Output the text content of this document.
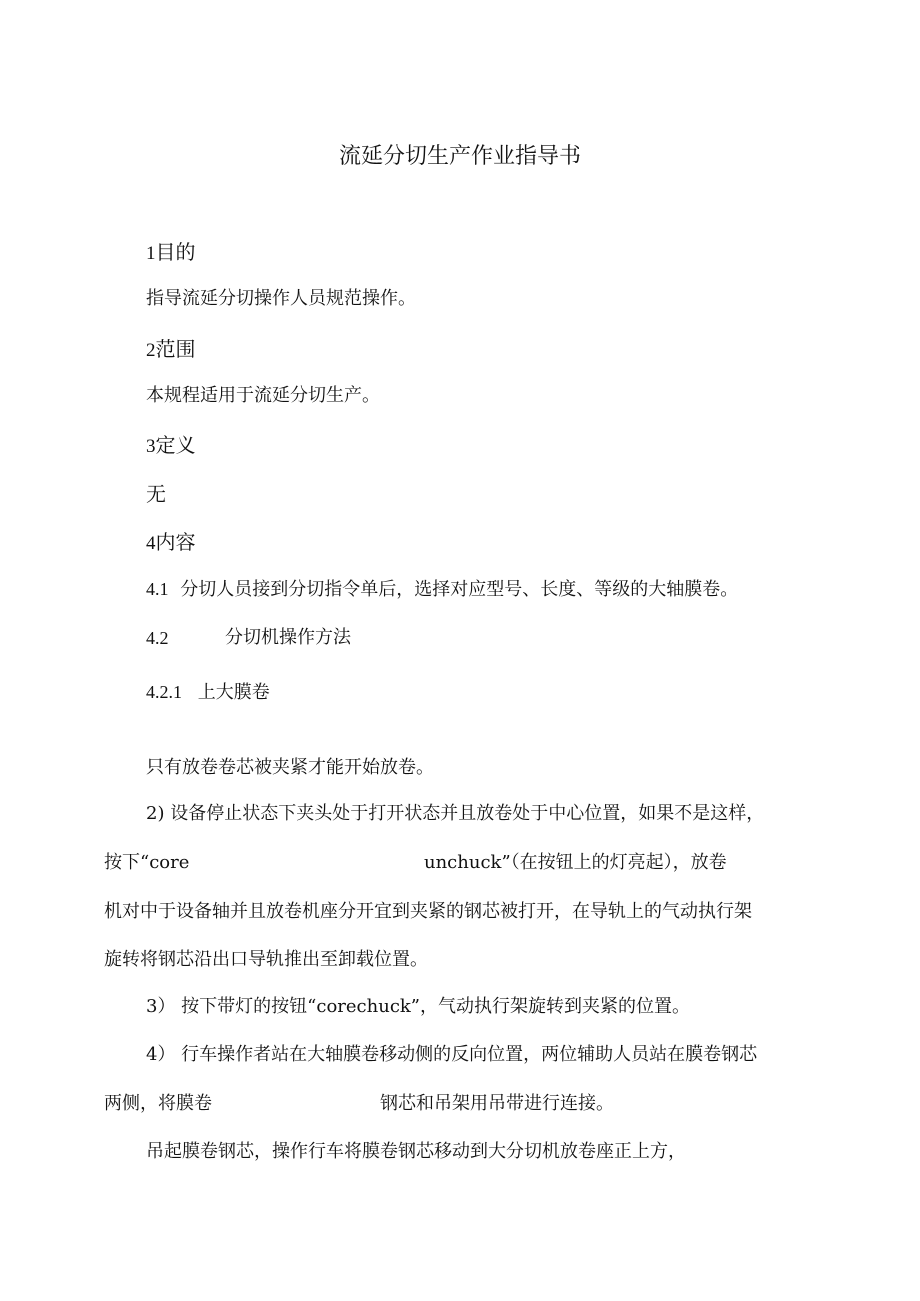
流延分切生产作业指导书
1目的
指导流延分切操作人员规范操作。
2范围
本规程适用于流延分切生产。
3定义
无
4内容
4.1 分切人员接到分切指令单后，选择对应型号、长度、等级的大轴膜卷。
4.2	分切机操作方法
4.2.1 上大膜卷
只有放卷卷芯被夹紧才能开始放卷。
2) 设备停止状态下夹头处于打开状态并且放卷处于中心位置，如果不是这样，
按下“core	unchuck”（在按钮上的灯亮起），放卷
机对中于设备轴并且放卷机座分开宜到夹紧的钢芯被打开，在导轨上的气动执行架
旋转将钢芯沿出口导轨推出至卸载位置。
3） 按下带灯的按钮“corechuck”，气动执行架旋转到夹紧的位置。
4） 行车操作者站在大轴膜卷移动侧的反向位置，两位辅助人员站在膜卷钢芯
两侧，将膜卷	钢芯和吊架用吊带进行连接。
吊起膜卷钢芯，操作行车将膜卷钢芯移动到大分切机放卷座正上方，
